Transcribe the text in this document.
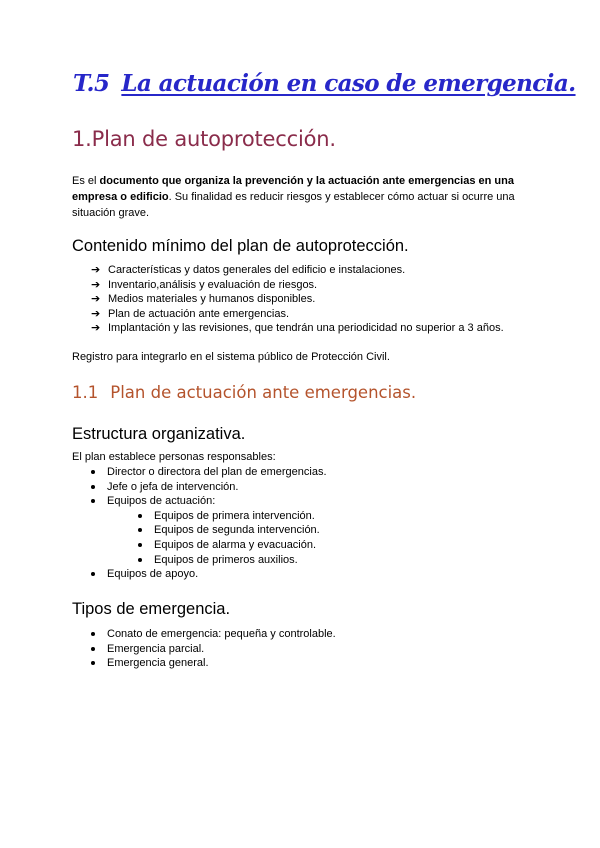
T.5 La actuación en caso de emergencia.
1.Plan de autoprotección.
Es el documento que organiza la prevención y la actuación ante emergencias en una empresa o edificio. Su finalidad es reducir riesgos y establecer cómo actuar si ocurre una situación grave.
Contenido mínimo del plan de autoprotección.
➔ Características y datos generales del edificio e instalaciones.
➔ Inventario,análisis y evaluación de riesgos.
➔ Medios materiales y humanos disponibles.
➔ Plan de actuación ante emergencias.
➔ Implantación y las revisiones, que tendrán una periodicidad no superior a 3 años.
Registro para integrarlo en el sistema público de Protección Civil.
1.1 Plan de actuación ante emergencias.
Estructura organizativa.
El plan establece personas responsables:
Director o directora del plan de emergencias.
Jefe o jefa de intervención.
Equipos de actuación:
Equipos de primera intervención.
Equipos de segunda intervención.
Equipos de alarma y evacuación.
Equipos de primeros auxilios.
Equipos de apoyo.
Tipos de emergencia.
Conato de emergencia: pequeña y controlable.
Emergencia parcial.
Emergencia general.
